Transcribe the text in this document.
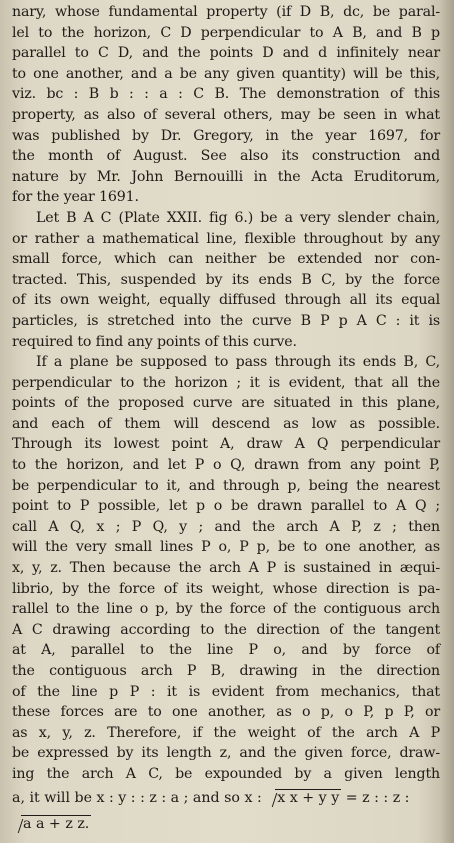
nary, whose fundamental property (if D B, dc, be paral-
lel to the horizon, C D perpendicular to A B, and B p
parallel to C D, and the points D and d infinitely near
to one another, and a be any given quantity) will be this,
viz. bc : B b : : a : C B. The demonstration of this
property, as also of several others, may be seen in what
was published by Dr. Gregory, in the year 1697, for
the month of August. See also its construction and
nature by Mr. John Bernouilli in the Acta Eruditorum,
for the year 1691.
Let B A C (Plate XXII. fig 6.) be a very slender chain,
or rather a mathematical line, flexible throughout by any
small force, which can neither be extended nor con-
tracted. This, suspended by its ends B C, by the force
of its own weight, equally diffused through all its equal
particles, is stretched into the curve B P p A C : it is
required to find any points of this curve.
If a plane be supposed to pass through its ends B, C,
perpendicular to the horizon ; it is evident, that all the
points of the proposed curve are situated in this plane,
and each of them will descend as low as possible.
Through its lowest point A, draw A Q perpendicular
to the horizon, and let P o Q, drawn from any point P,
be perpendicular to it, and through p, being the nearest
point to P possible, let p o be drawn parallel to A Q ;
call A Q, x ; P Q, y ; and the arch A P, z ; then
will the very small lines P o, P p, be to one another, as
x, y, z. Then because the arch A P is sustained in æqui-
librio, by the force of its weight, whose direction is pa-
rallel to the line o p, by the force of the contiguous arch
A C drawing according to the direction of the tangent
at A, parallel to the line P o, and by force of
the contiguous arch P B, drawing in the direction
of the line p P : it is evident from mechanics, that
these forces are to one another, as o p, o P, p P, or
as x, y, z. Therefore, if the weight of the arch A P
be expressed by its length z, and the given force, draw-
ing the arch A C, be expounded by a given length
a, it will be x : y : : z : a ; and so x : x x + y y = z : : z :
a a + z z.
